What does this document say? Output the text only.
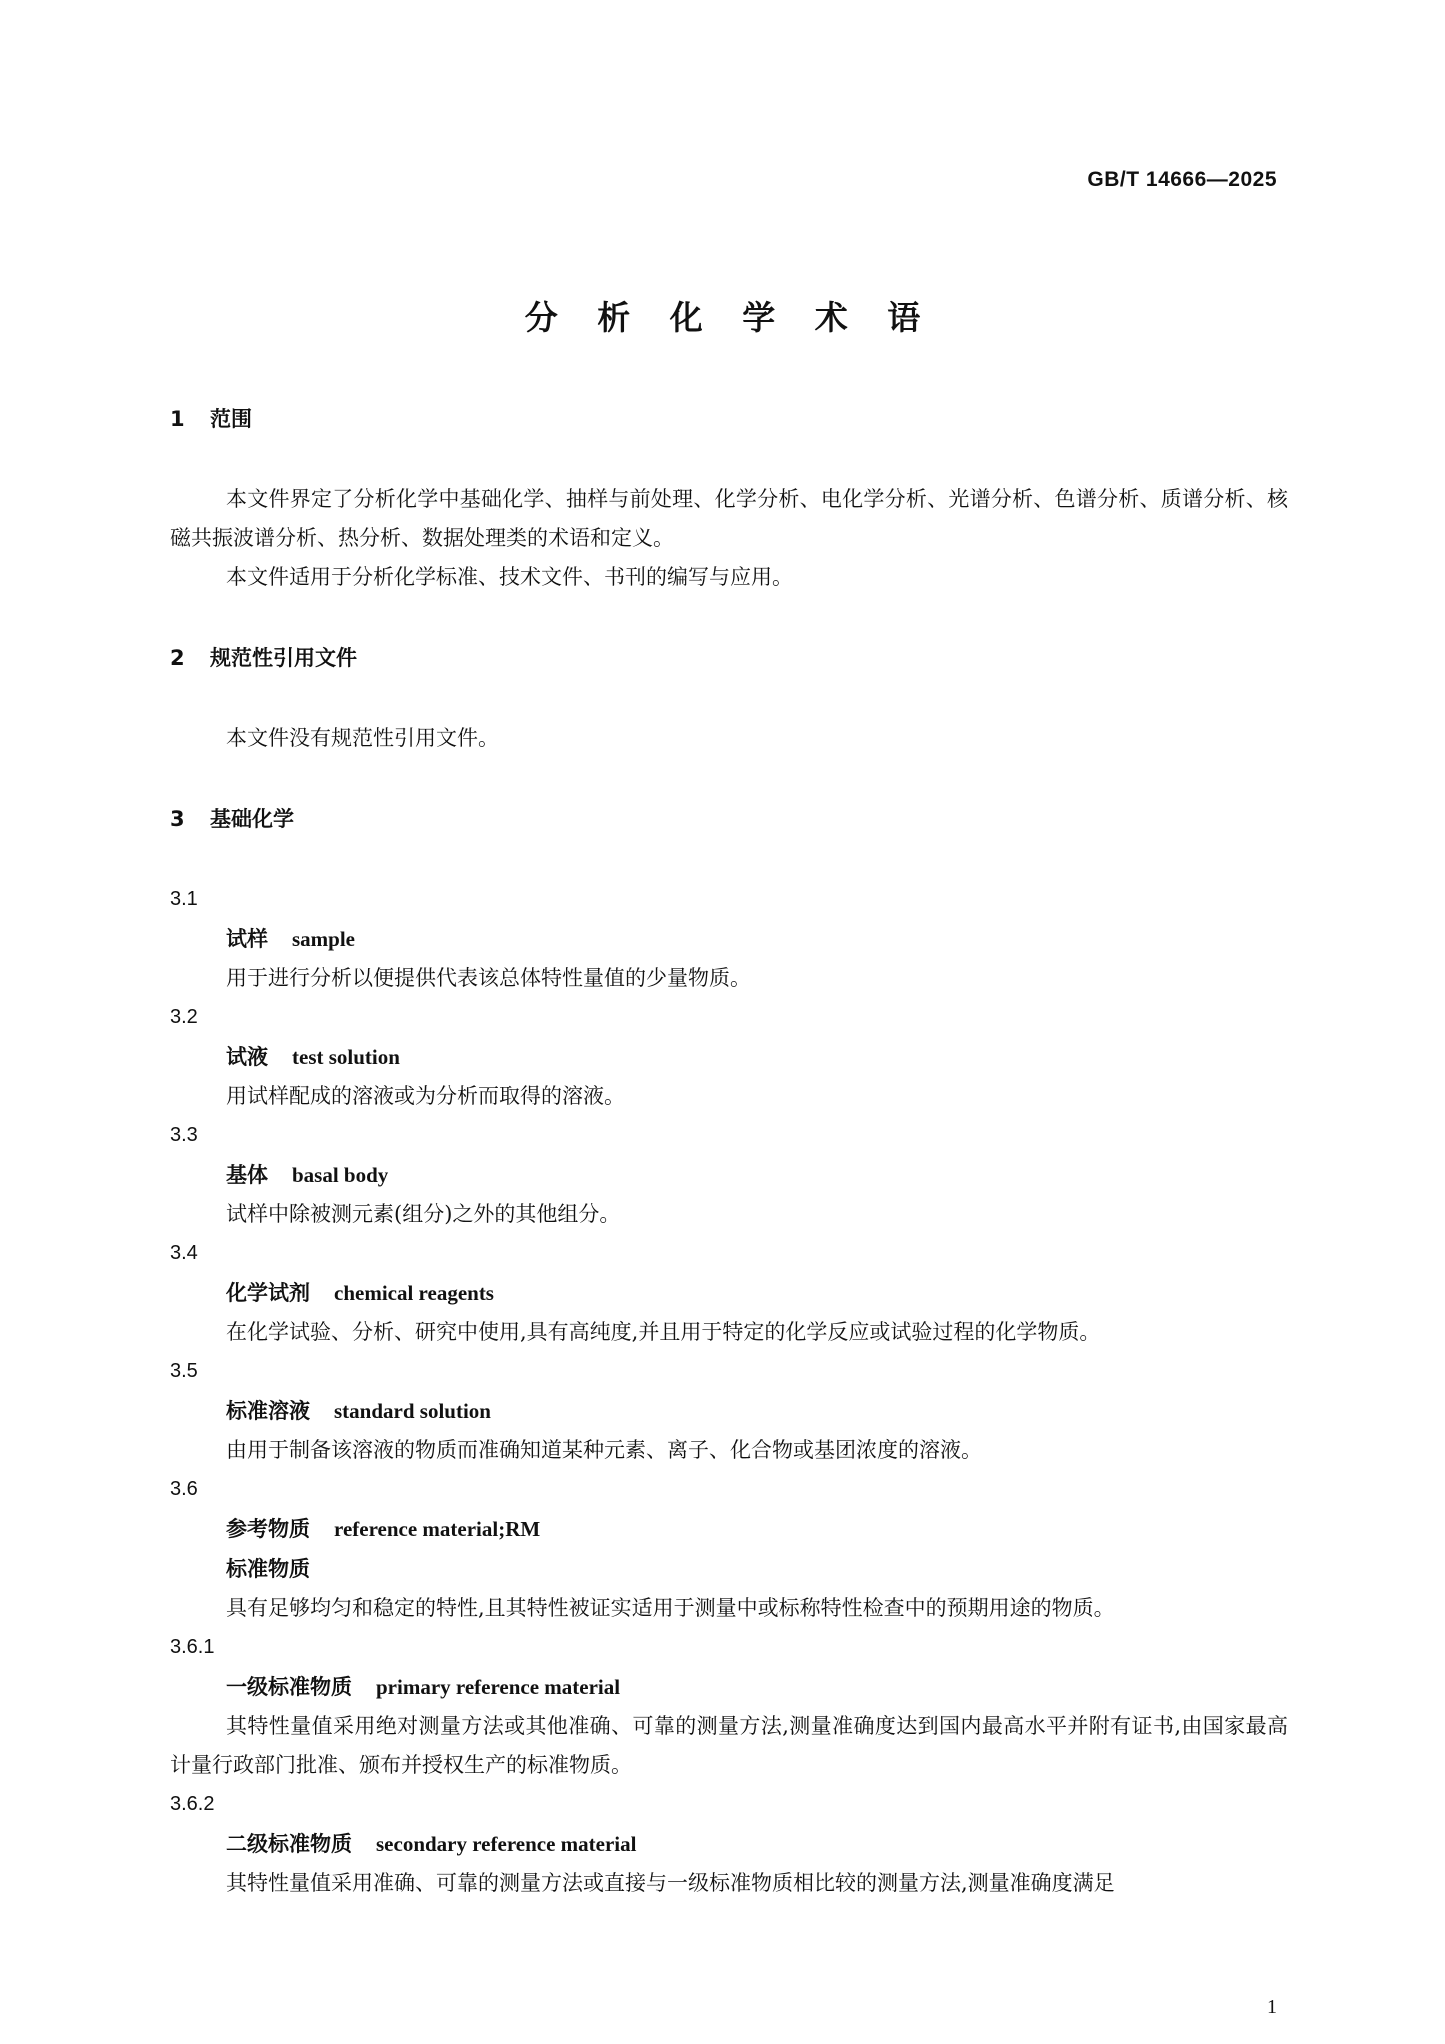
GB/T 14666—2025
分 析 化 学 术 语
1 范围

本文件界定了分析化学中基础化学、抽样与前处理、化学分析、电化学分析、光谱分析、色谱分析、质谱分析、核磁共振波谱分析、热分析、数据处理类的术语和定义。

本文件适用于分析化学标准、技术文件、书刊的编写与应用。

2 规范性引用文件

本文件没有规范性引用文件。

3 基础化学

3.1

试样 sample

用于进行分析以便提供代表该总体特性量值的少量物质。

3.2

试液 test solution

用试样配成的溶液或为分析而取得的溶液。

3.3

基体 basal body

试样中除被测元素(组分)之外的其他组分。

3.4

化学试剂 chemical reagents

在化学试验、分析、研究中使用,具有高纯度,并且用于特定的化学反应或试验过程的化学物质。

3.5

标准溶液 standard solution

由用于制备该溶液的物质而准确知道某种元素、离子、化合物或基团浓度的溶液。

3.6

参考物质 reference material;RM

标准物质

具有足够均匀和稳定的特性,且其特性被证实适用于测量中或标称特性检查中的预期用途的物质。

3.6.1

一级标准物质 primary reference material

其特性量值采用绝对测量方法或其他准确、可靠的测量方法,测量准确度达到国内最高水平并附有证书,由国家最高计量行政部门批准、颁布并授权生产的标准物质。

3.6.2

二级标准物质 secondary reference material

其特性量值采用准确、可靠的测量方法或直接与一级标准物质相比较的测量方法,测量准确度满足

1
